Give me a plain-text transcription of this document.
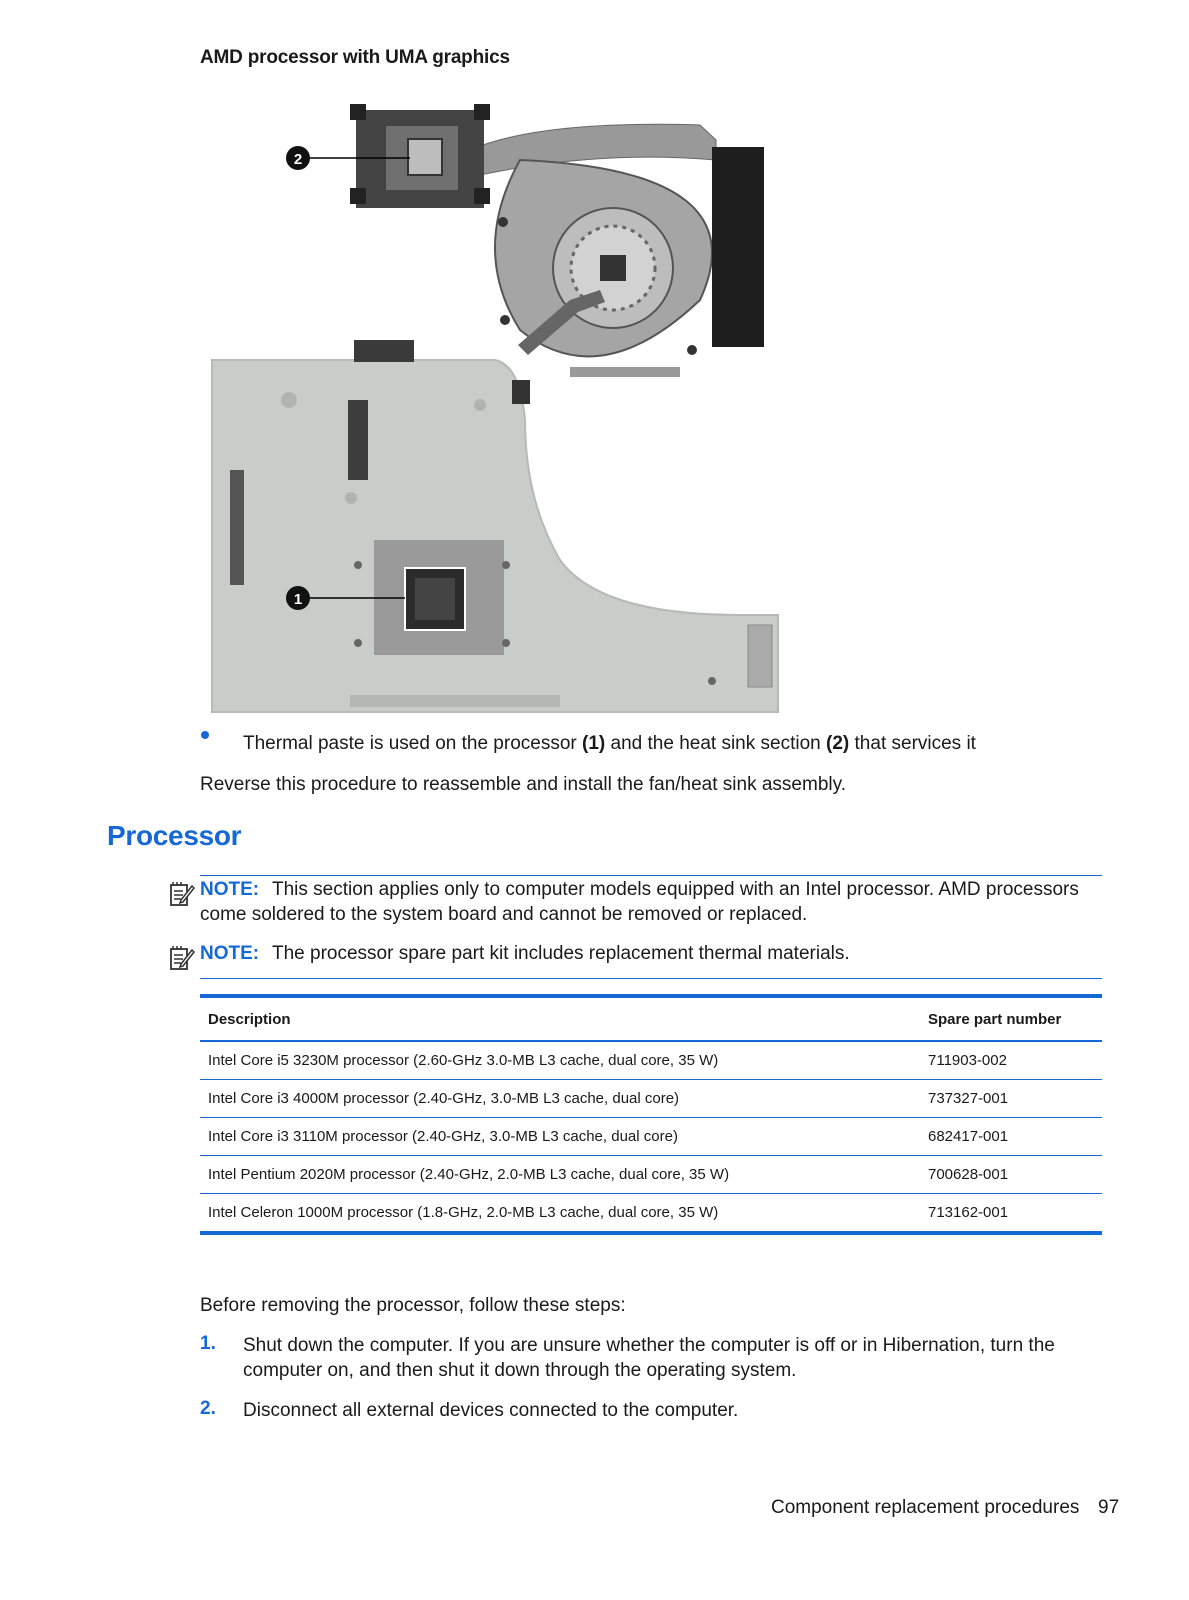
AMD processor with UMA graphics
2
1
Thermal paste is used on the processor (1) and the heat sink section (2) that services it
Reverse this procedure to reassemble and install the fan/heat sink assembly.
Processor
NOTE: This section applies only to computer models equipped with an Intel processor. AMD processors come soldered to the system board and cannot be removed or replaced.
NOTE: The processor spare part kit includes replacement thermal materials.
Description	Spare part number
Intel Core i5 3230M processor (2.60-GHz 3.0-MB L3 cache, dual core, 35 W)	711903-002
Intel Core i3 4000M processor (2.40-GHz, 3.0-MB L3 cache, dual core)	737327-001
Intel Core i3 3110M processor (2.40-GHz, 3.0-MB L3 cache, dual core)	682417-001
Intel Pentium 2020M processor (2.40-GHz, 2.0-MB L3 cache, dual core, 35 W)	700628-001
Intel Celeron 1000M processor (1.8-GHz, 2.0-MB L3 cache, dual core, 35 W)	713162-001
Before removing the processor, follow these steps:
1. Shut down the computer. If you are unsure whether the computer is off or in Hibernation, turn the computer on, and then shut it down through the operating system.
2. Disconnect all external devices connected to the computer.
Component replacement procedures 97
